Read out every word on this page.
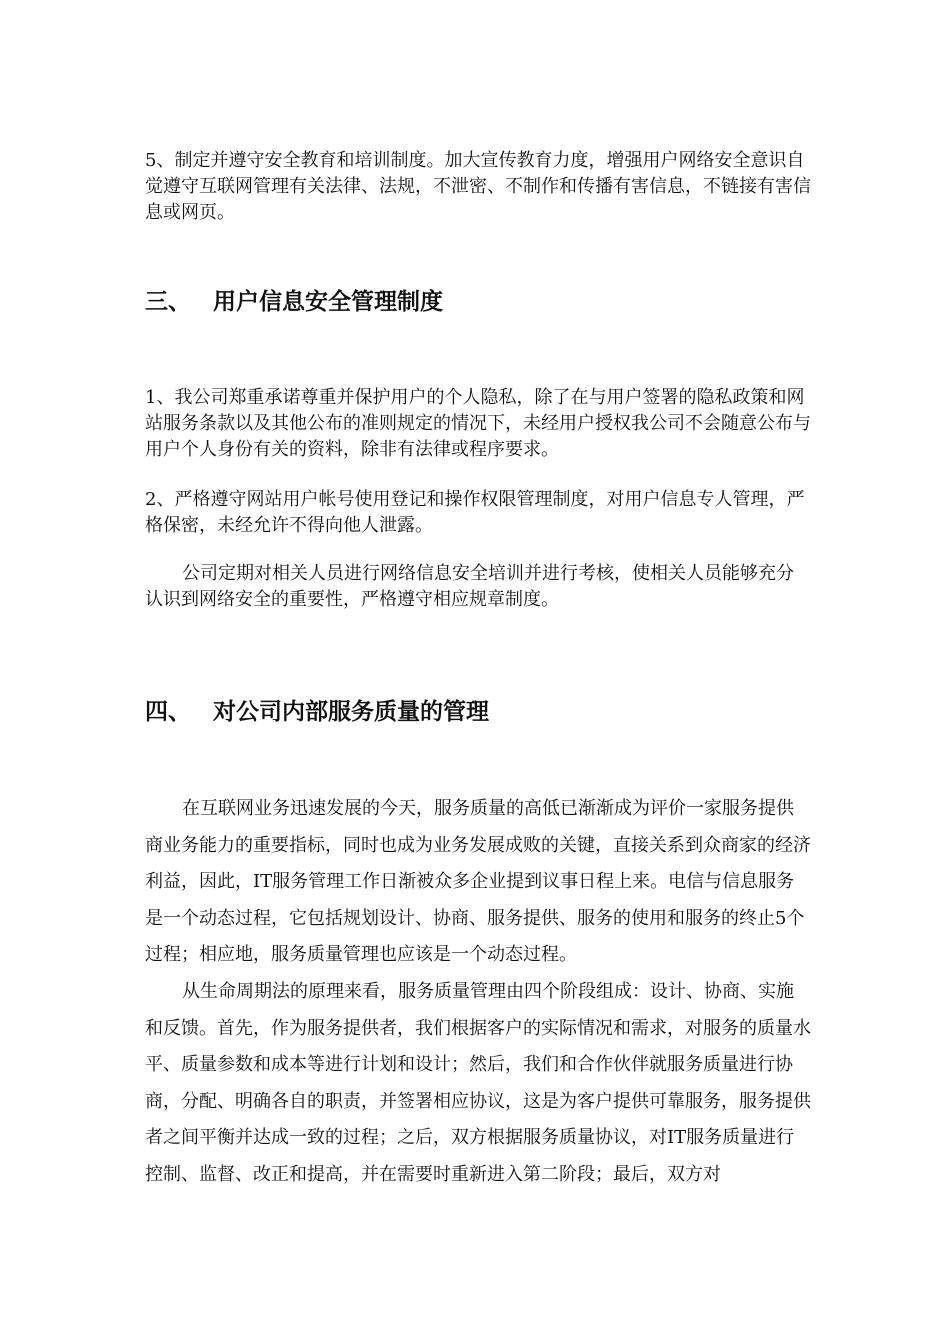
5、制定并遵守安全教育和培训制度。加大宣传教育力度，增强用户网络安全意识自觉遵守互联网管理有关法律、法规，不泄密、不制作和传播有害信息，不链接有害信息或网页。

三、 用户信息安全管理制度

1、我公司郑重承诺尊重并保护用户的个人隐私，除了在与用户签署的隐私政策和网站服务条款以及其他公布的准则规定的情况下，未经用户授权我公司不会随意公布与用户个人身份有关的资料，除非有法律或程序要求。

2、严格遵守网站用户帐号使用登记和操作权限管理制度，对用户信息专人管理，严格保密，未经允许不得向他人泄露。

公司定期对相关人员进行网络信息安全培训并进行考核，使相关人员能够充分认识到网络安全的重要性，严格遵守相应规章制度。

四、 对公司内部服务质量的管理

在互联网业务迅速发展的今天，服务质量的高低已渐渐成为评价一家服务提供商业务能力的重要指标，同时也成为业务发展成败的关键，直接关系到众商家的经济利益，因此，IT服务管理工作日渐被众多企业提到议事日程上来。电信与信息服务是一个动态过程，它包括规划设计、协商、服务提供、服务的使用和服务的终止5个过程；相应地，服务质量管理也应该是一个动态过程。

从生命周期法的原理来看，服务质量管理由四个阶段组成：设计、协商、实施和反馈。首先，作为服务提供者，我们根据客户的实际情况和需求，对服务的质量水平、质量参数和成本等进行计划和设计；然后，我们和合作伙伴就服务质量进行协商，分配、明确各自的职责，并签署相应协议，这是为客户提供可靠服务，服务提供者之间平衡并达成一致的过程；之后，双方根据服务质量协议，对IT服务质量进行控制、监督、改正和提高，并在需要时重新进入第二阶段；最后，双方对
